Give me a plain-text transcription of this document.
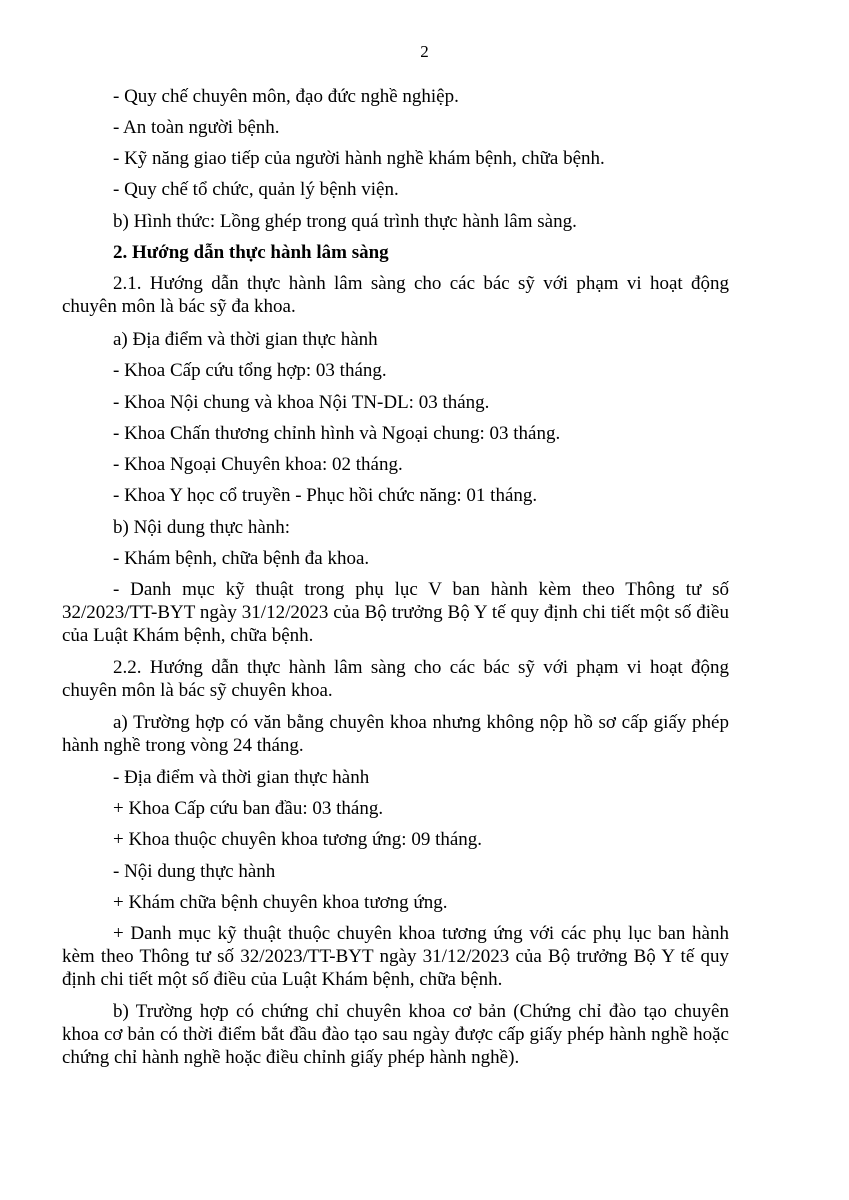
2

- Quy chế chuyên môn, đạo đức nghề nghiệp.

- An toàn người bệnh.

- Kỹ năng giao tiếp của người hành nghề khám bệnh, chữa bệnh.

- Quy chế tổ chức, quản lý bệnh viện.

b) Hình thức: Lồng ghép trong quá trình thực hành lâm sàng.

2. Hướng dẫn thực hành lâm sàng

2.1. Hướng dẫn thực hành lâm sàng cho các bác sỹ với phạm vi hoạt động chuyên môn là bác sỹ đa khoa.

a) Địa điểm và thời gian thực hành

- Khoa Cấp cứu tổng hợp: 03 tháng.

- Khoa Nội chung và khoa Nội TN-DL: 03 tháng.

- Khoa Chấn thương chỉnh hình và Ngoại chung: 03 tháng.

- Khoa Ngoại Chuyên khoa: 02 tháng.

- Khoa Y học cổ truyền - Phục hồi chức năng: 01 tháng.

b) Nội dung thực hành:

- Khám bệnh, chữa bệnh đa khoa.

- Danh mục kỹ thuật trong phụ lục V ban hành kèm theo Thông tư số 32/2023/TT-BYT ngày 31/12/2023 của Bộ trưởng Bộ Y tế quy định chi tiết một số điều của Luật Khám bệnh, chữa bệnh.

2.2. Hướng dẫn thực hành lâm sàng cho các bác sỹ với phạm vi hoạt động chuyên môn là bác sỹ chuyên khoa.

a) Trường hợp có văn bằng chuyên khoa nhưng không nộp hồ sơ cấp giấy phép hành nghề trong vòng 24 tháng.

- Địa điểm và thời gian thực hành

+ Khoa Cấp cứu ban đầu: 03 tháng.

+ Khoa thuộc chuyên khoa tương ứng: 09 tháng.

- Nội dung thực hành

+ Khám chữa bệnh chuyên khoa tương ứng.

+ Danh mục kỹ thuật thuộc chuyên khoa tương ứng với các phụ lục ban hành kèm theo Thông tư số 32/2023/TT-BYT ngày 31/12/2023 của Bộ trưởng Bộ Y tế quy định chi tiết một số điều của Luật Khám bệnh, chữa bệnh.

b) Trường hợp có chứng chỉ chuyên khoa cơ bản (Chứng chỉ đào tạo chuyên khoa cơ bản có thời điểm bắt đầu đào tạo sau ngày được cấp giấy phép hành nghề hoặc chứng chỉ hành nghề hoặc điều chỉnh giấy phép hành nghề).
